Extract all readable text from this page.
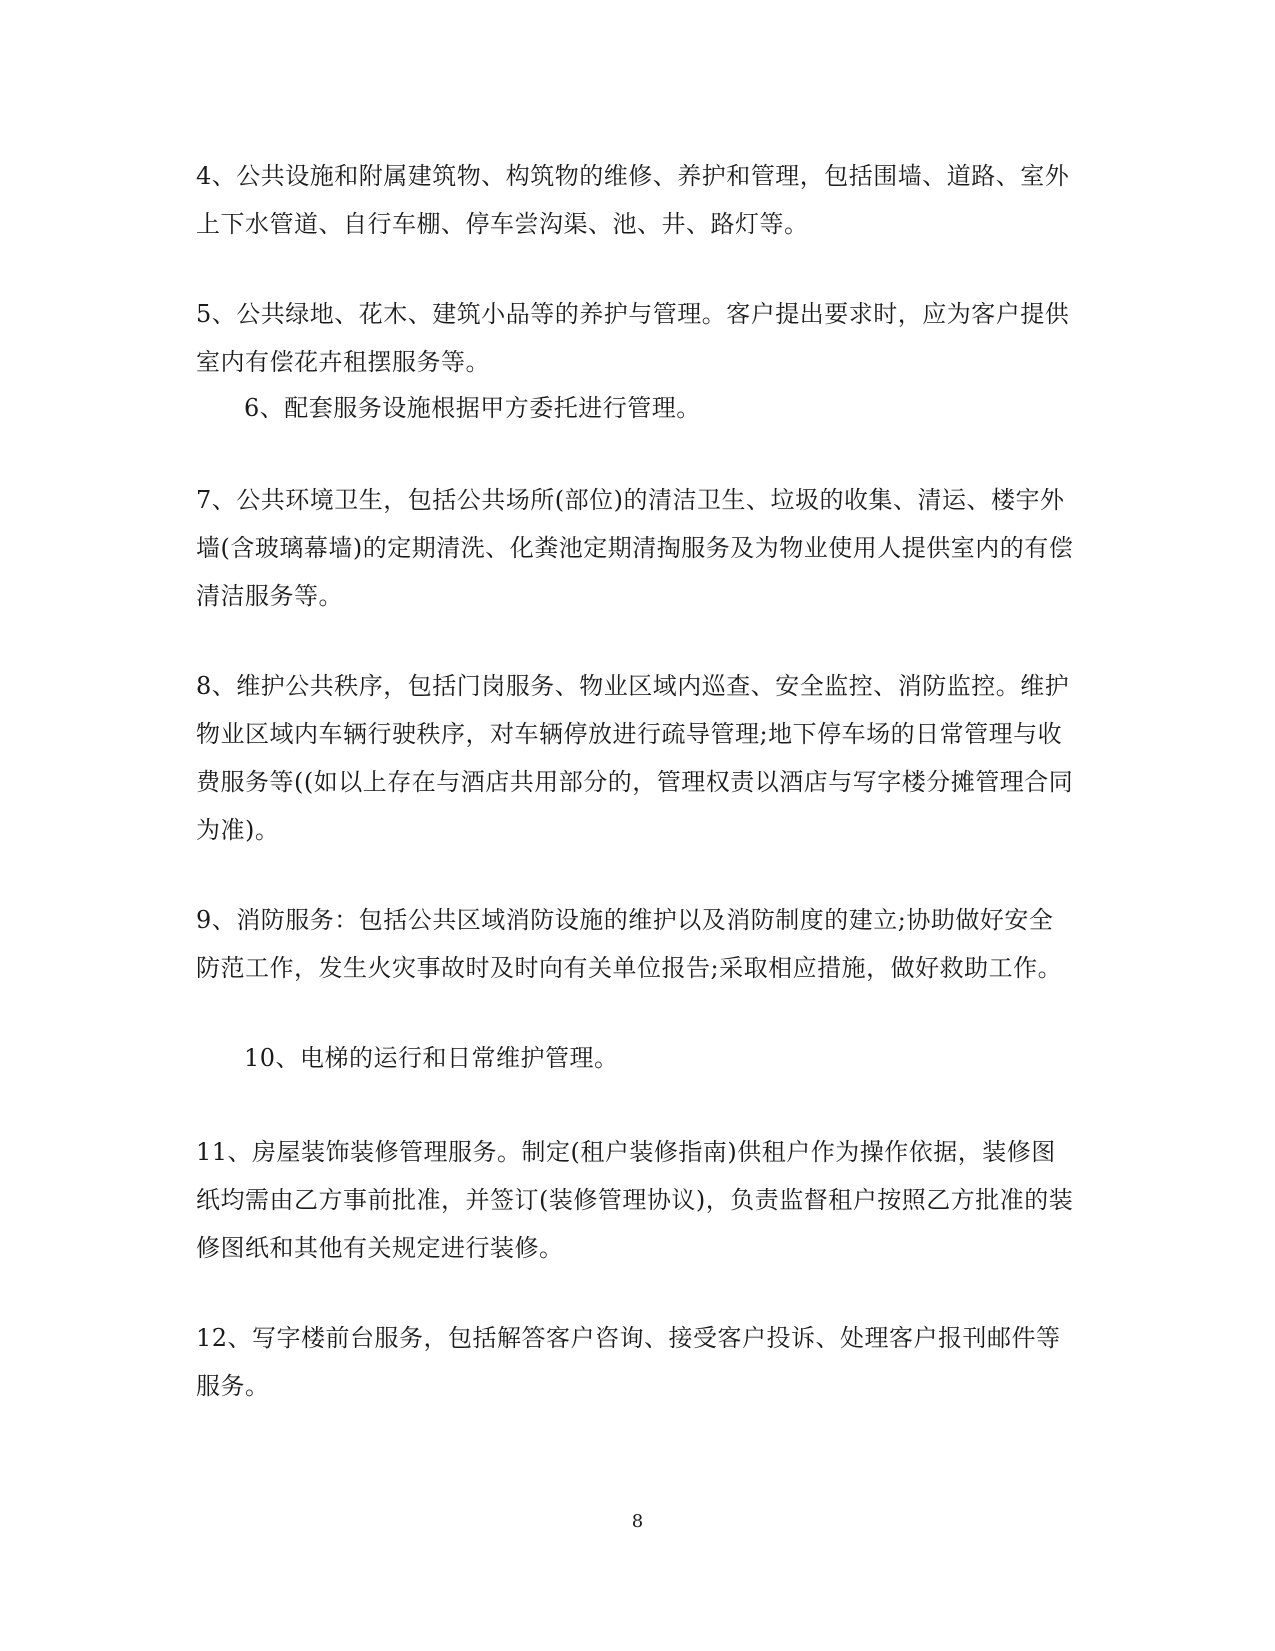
4、公共设施和附属建筑物、构筑物的维修、养护和管理，包括围墙、道路、室外上下水管道、自行车棚、停车尝沟渠、池、井、路灯等。

5、公共绿地、花木、建筑小品等的养护与管理。客户提出要求时，应为客户提供室内有偿花卉租摆服务等。

6、配套服务设施根据甲方委托进行管理。

7、公共环境卫生，包括公共场所(部位)的清洁卫生、垃圾的收集、清运、楼宇外墙(含玻璃幕墙)的定期清洗、化粪池定期清掏服务及为物业使用人提供室内的有偿清洁服务等。

8、维护公共秩序，包括门岗服务、物业区域内巡查、安全监控、消防监控。维护物业区域内车辆行驶秩序，对车辆停放进行疏导管理;地下停车场的日常管理与收费服务等((如以上存在与酒店共用部分的，管理权责以酒店与写字楼分摊管理合同为准)。

9、消防服务：包括公共区域消防设施的维护以及消防制度的建立;协助做好安全防范工作，发生火灾事故时及时向有关单位报告;采取相应措施，做好救助工作。

10、电梯的运行和日常维护管理。

11、房屋装饰装修管理服务。制定(租户装修指南)供租户作为操作依据，装修图纸均需由乙方事前批准，并签订(装修管理协议)，负责监督租户按照乙方批准的装修图纸和其他有关规定进行装修。

12、写字楼前台服务，包括解答客户咨询、接受客户投诉、处理客户报刊邮件等服务。

8
